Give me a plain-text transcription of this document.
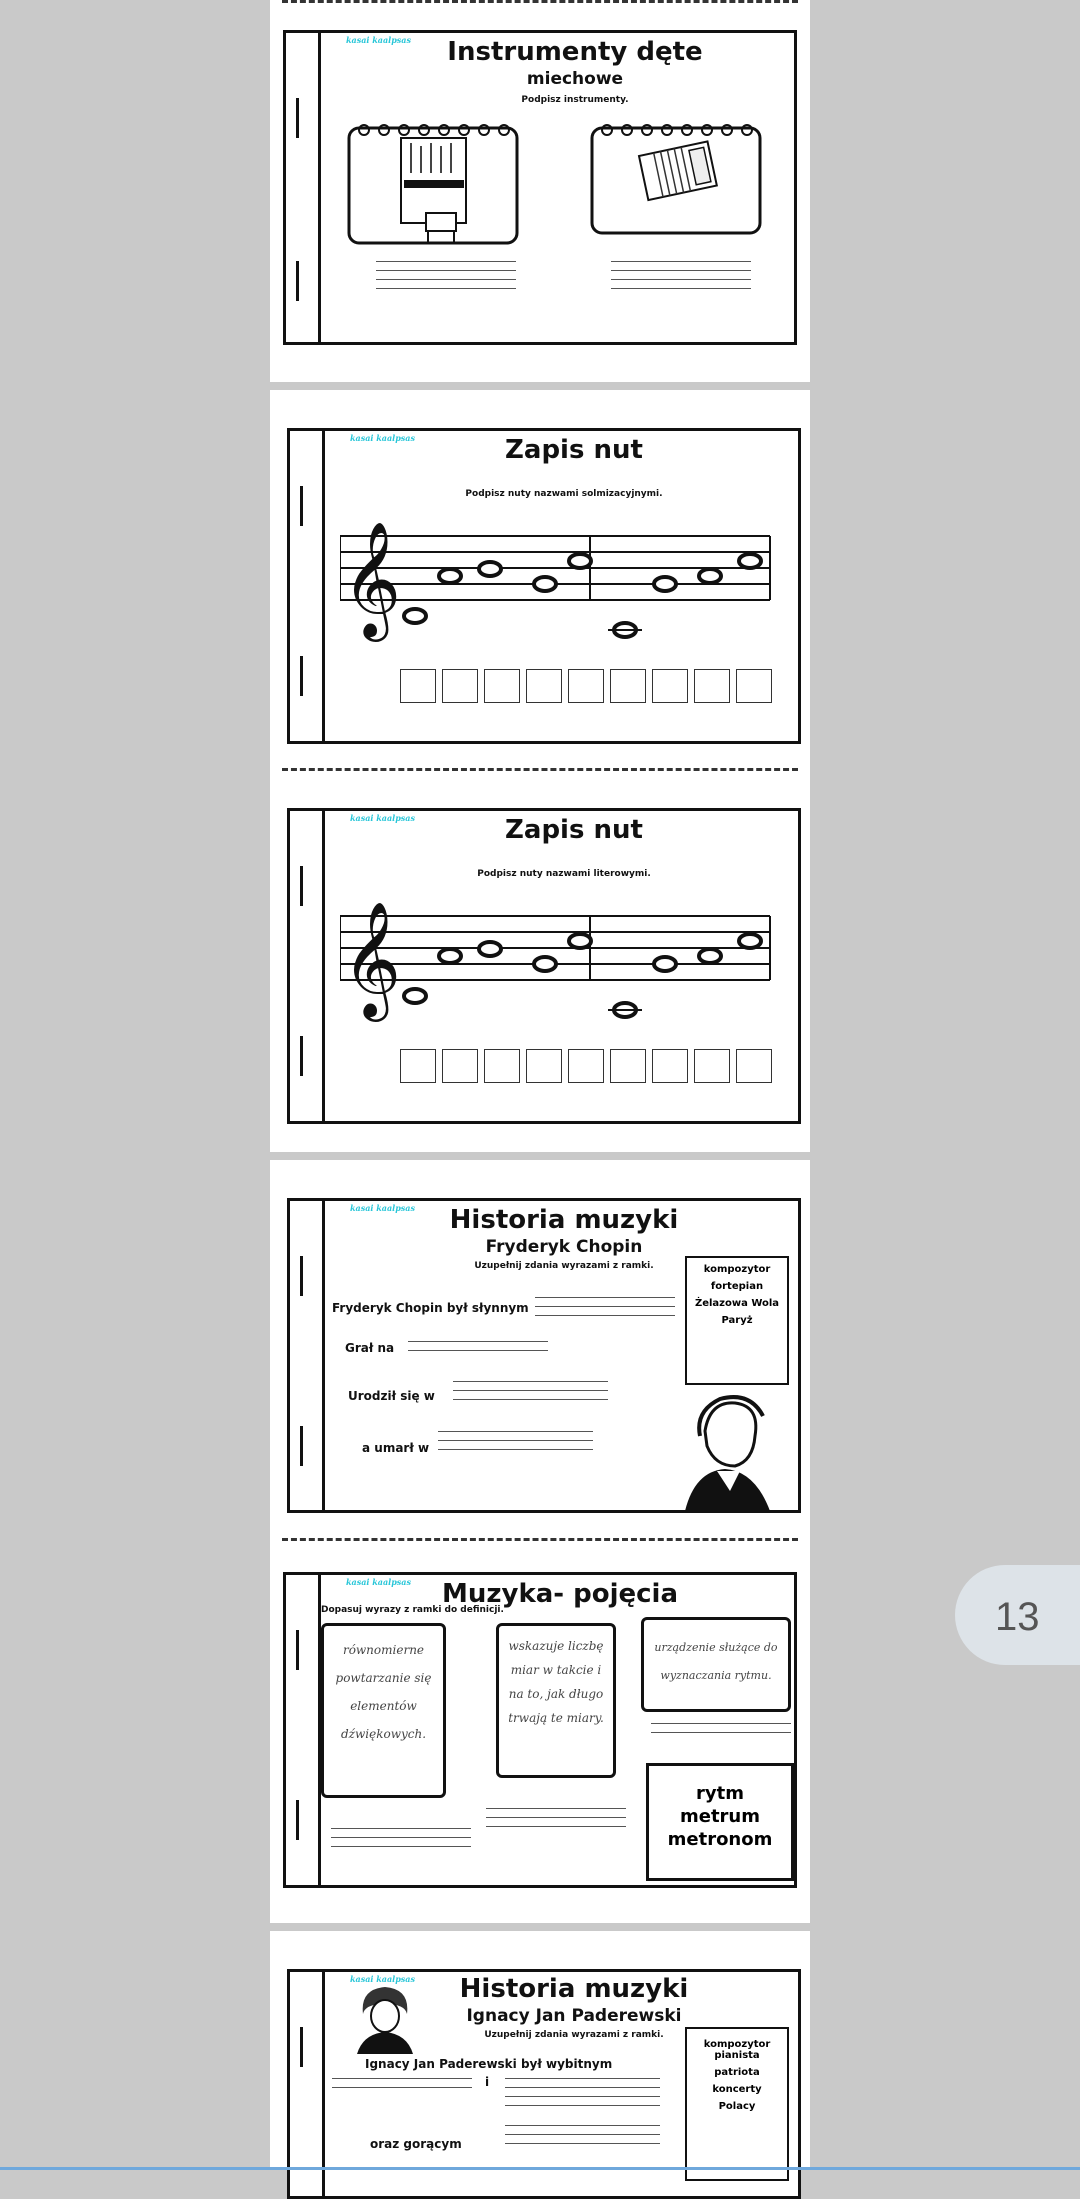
kasai kaalpsas	Instrumenty dęte
miechowe
Podpisz instrumenty.
kasai kaalpsas	Zapis nut
Podpisz nuty nazwami solmizacyjnymi.
𝄞
kasai kaalpsas	Zapis nut
Podpisz nuty nazwami literowymi.
𝄞
kasai kaalpsas	Historia muzyki
Fryderyk Chopin
Uzupełnij zdania wyrazami z ramki.
Fryderyk Chopin był słynnym
Grał na
Urodził się w
a umarł w
kompozytor
fortepian
Żelazowa Wola
Paryż
kasai kaalpsas	Muzyka- pojęcia
Dopasuj wyrazy z ramki do definicji.
równomierne powtarzanie się elementów dźwiękowych.
wskazuje liczbę miar w takcie i na to, jak długo trwają te miary.
urządzenie służące do wyznaczania rytmu.
rytm
metrum
metronom
kasai kaalpsas	Historia muzyki
Ignacy Jan Paderewski
Uzupełnij zdania wyrazami z ramki.
Ignacy Jan Paderewski był wybitnym
i
oraz gorącym
kompozytor pianista
patriota
koncerty
Polacy
13
